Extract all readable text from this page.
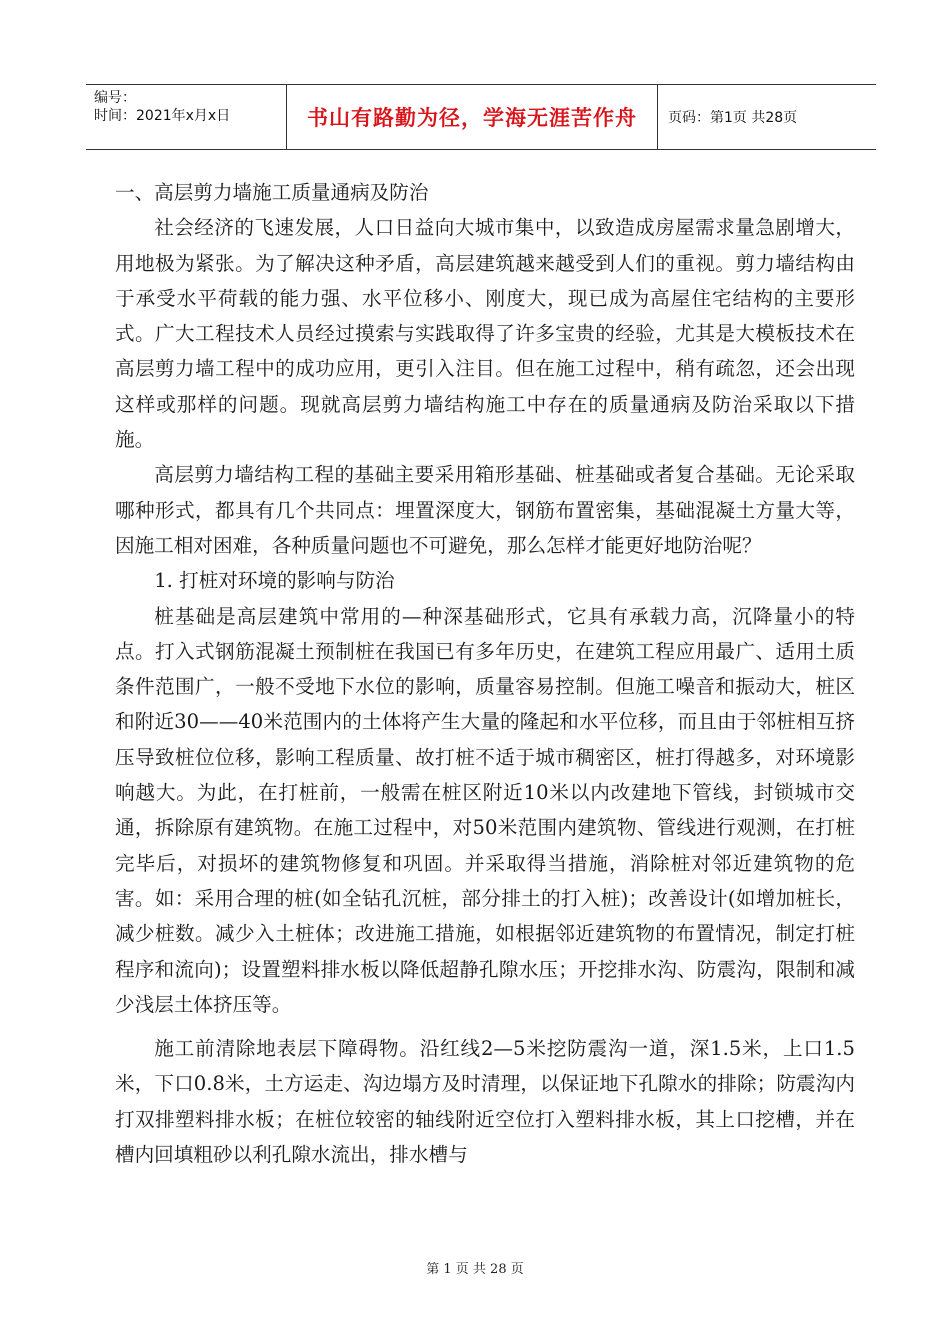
编号：
时间：2021年x月x日	书山有路勤为径，学海无涯苦作舟	页码：第1页 共28页

一、高层剪力墙施工质量通病及防治

社会经济的飞速发展，人口日益向大城市集中，以致造成房屋需求量急剧增大，用地极为紧张。为了解决这种矛盾，高层建筑越来越受到人们的重视。剪力墙结构由于承受水平荷载的能力强、水平位移小、刚度大，现已成为高屋住宅结构的主要形式。广大工程技术人员经过摸索与实践取得了许多宝贵的经验，尤其是大模板技术在高层剪力墙工程中的成功应用，更引入注目。但在施工过程中，稍有疏忽，还会出现这样或那样的问题。现就高层剪力墙结构施工中存在的质量通病及防治采取以下措施。

高层剪力墙结构工程的基础主要采用箱形基础、桩基础或者复合基础。无论采取哪种形式，都具有几个共同点：埋置深度大，钢筋布置密集，基础混凝土方量大等，因施工相对困难，各种质量问题也不可避免，那么怎样才能更好地防治呢？

1. 打桩对环境的影响与防治

桩基础是高层建筑中常用的—种深基础形式，它具有承载力高，沉降量小的特点。打入式钢筋混凝土预制桩在我国已有多年历史，在建筑工程应用最广、适用土质条件范围广，一般不受地下水位的影响，质量容易控制。但施工噪音和振动大，桩区和附近30——40米范围内的土体将产生大量的隆起和水平位移，而且由于邻桩相互挤压导致桩位位移，影响工程质量、故打桩不适于城市稠密区，桩打得越多，对环境影响越大。为此，在打桩前，一般需在桩区附近10米以内改建地下管线，封锁城市交通，拆除原有建筑物。在施工过程中，对50米范围内建筑物、管线进行观测，在打桩完毕后，对损坏的建筑物修复和巩固。并采取得当措施，消除桩对邻近建筑物的危害。如：采用合理的桩(如全钻孔沉桩，部分排土的打入桩)；改善设计(如增加桩长，减少桩数。减少入土桩体；改进施工措施，如根据邻近建筑物的布置情况，制定打桩程序和流向)；设置塑料排水板以降低超静孔隙水压；开挖排水沟、防震沟，限制和减少浅层土体挤压等。

施工前清除地表层下障碍物。沿红线2—5米挖防震沟一道，深1.5米，上口1.5米，下口0.8米，土方运走、沟边塌方及时清理，以保证地下孔隙水的排除；防震沟内打双排塑料排水板；在桩位较密的轴线附近空位打入塑料排水板，其上口挖槽，并在槽内回填粗砂以利孔隙水流出，排水槽与

第 1 页 共 28 页
